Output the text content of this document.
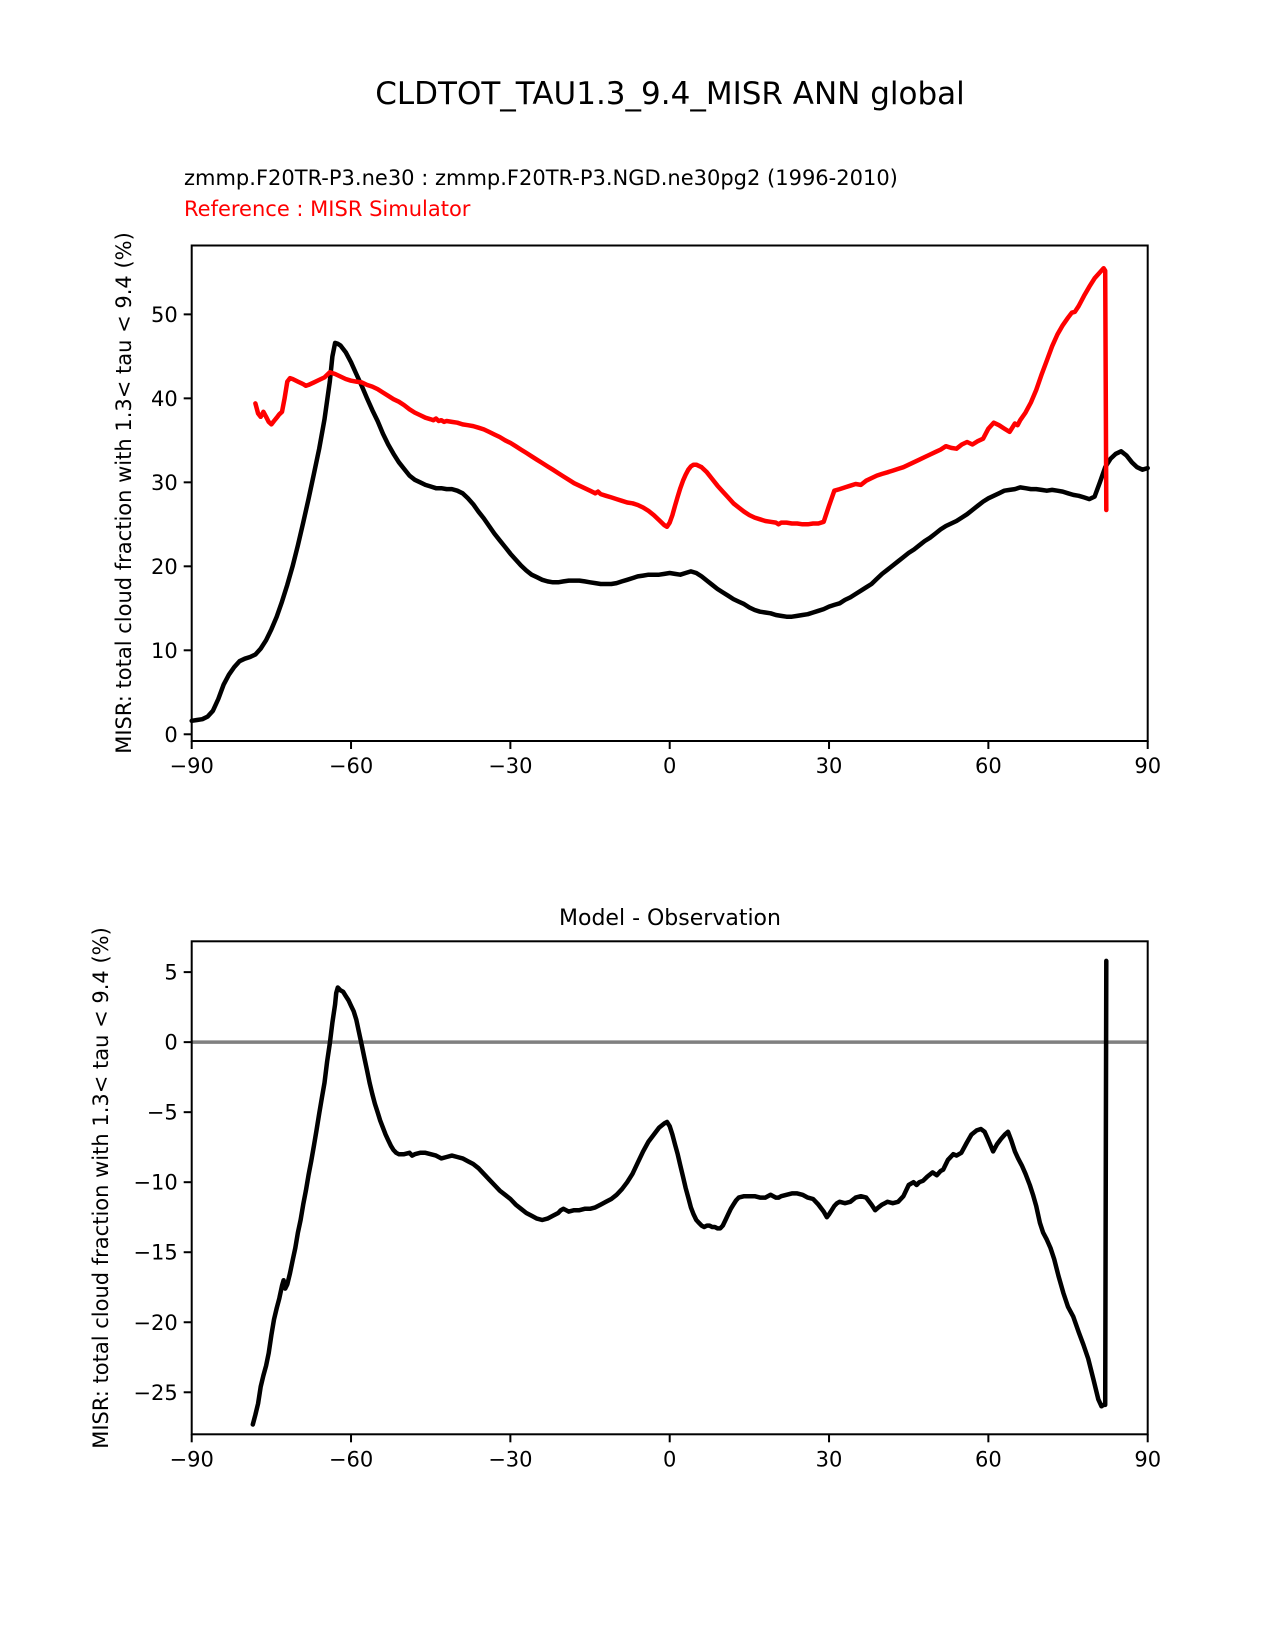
CLDTOT_TAU1.3_9.4_MISR ANN global
zmmp.F20TR-P3.ne30 : zmmp.F20TR-P3.NGD.ne30pg2 (1996-2010)
Reference : MISR Simulator
Model - Observation
MISR: total cloud fraction with 1.3< tau < 9.4 (%)
MISR: total cloud fraction with 1.3< tau < 9.4 (%)
−90	−60	−30	0	30	60	90
0
10
20
30
40
50
−90	−60	−30	0	30	60	90
5
0
−5
−10
−15
−20
−25
